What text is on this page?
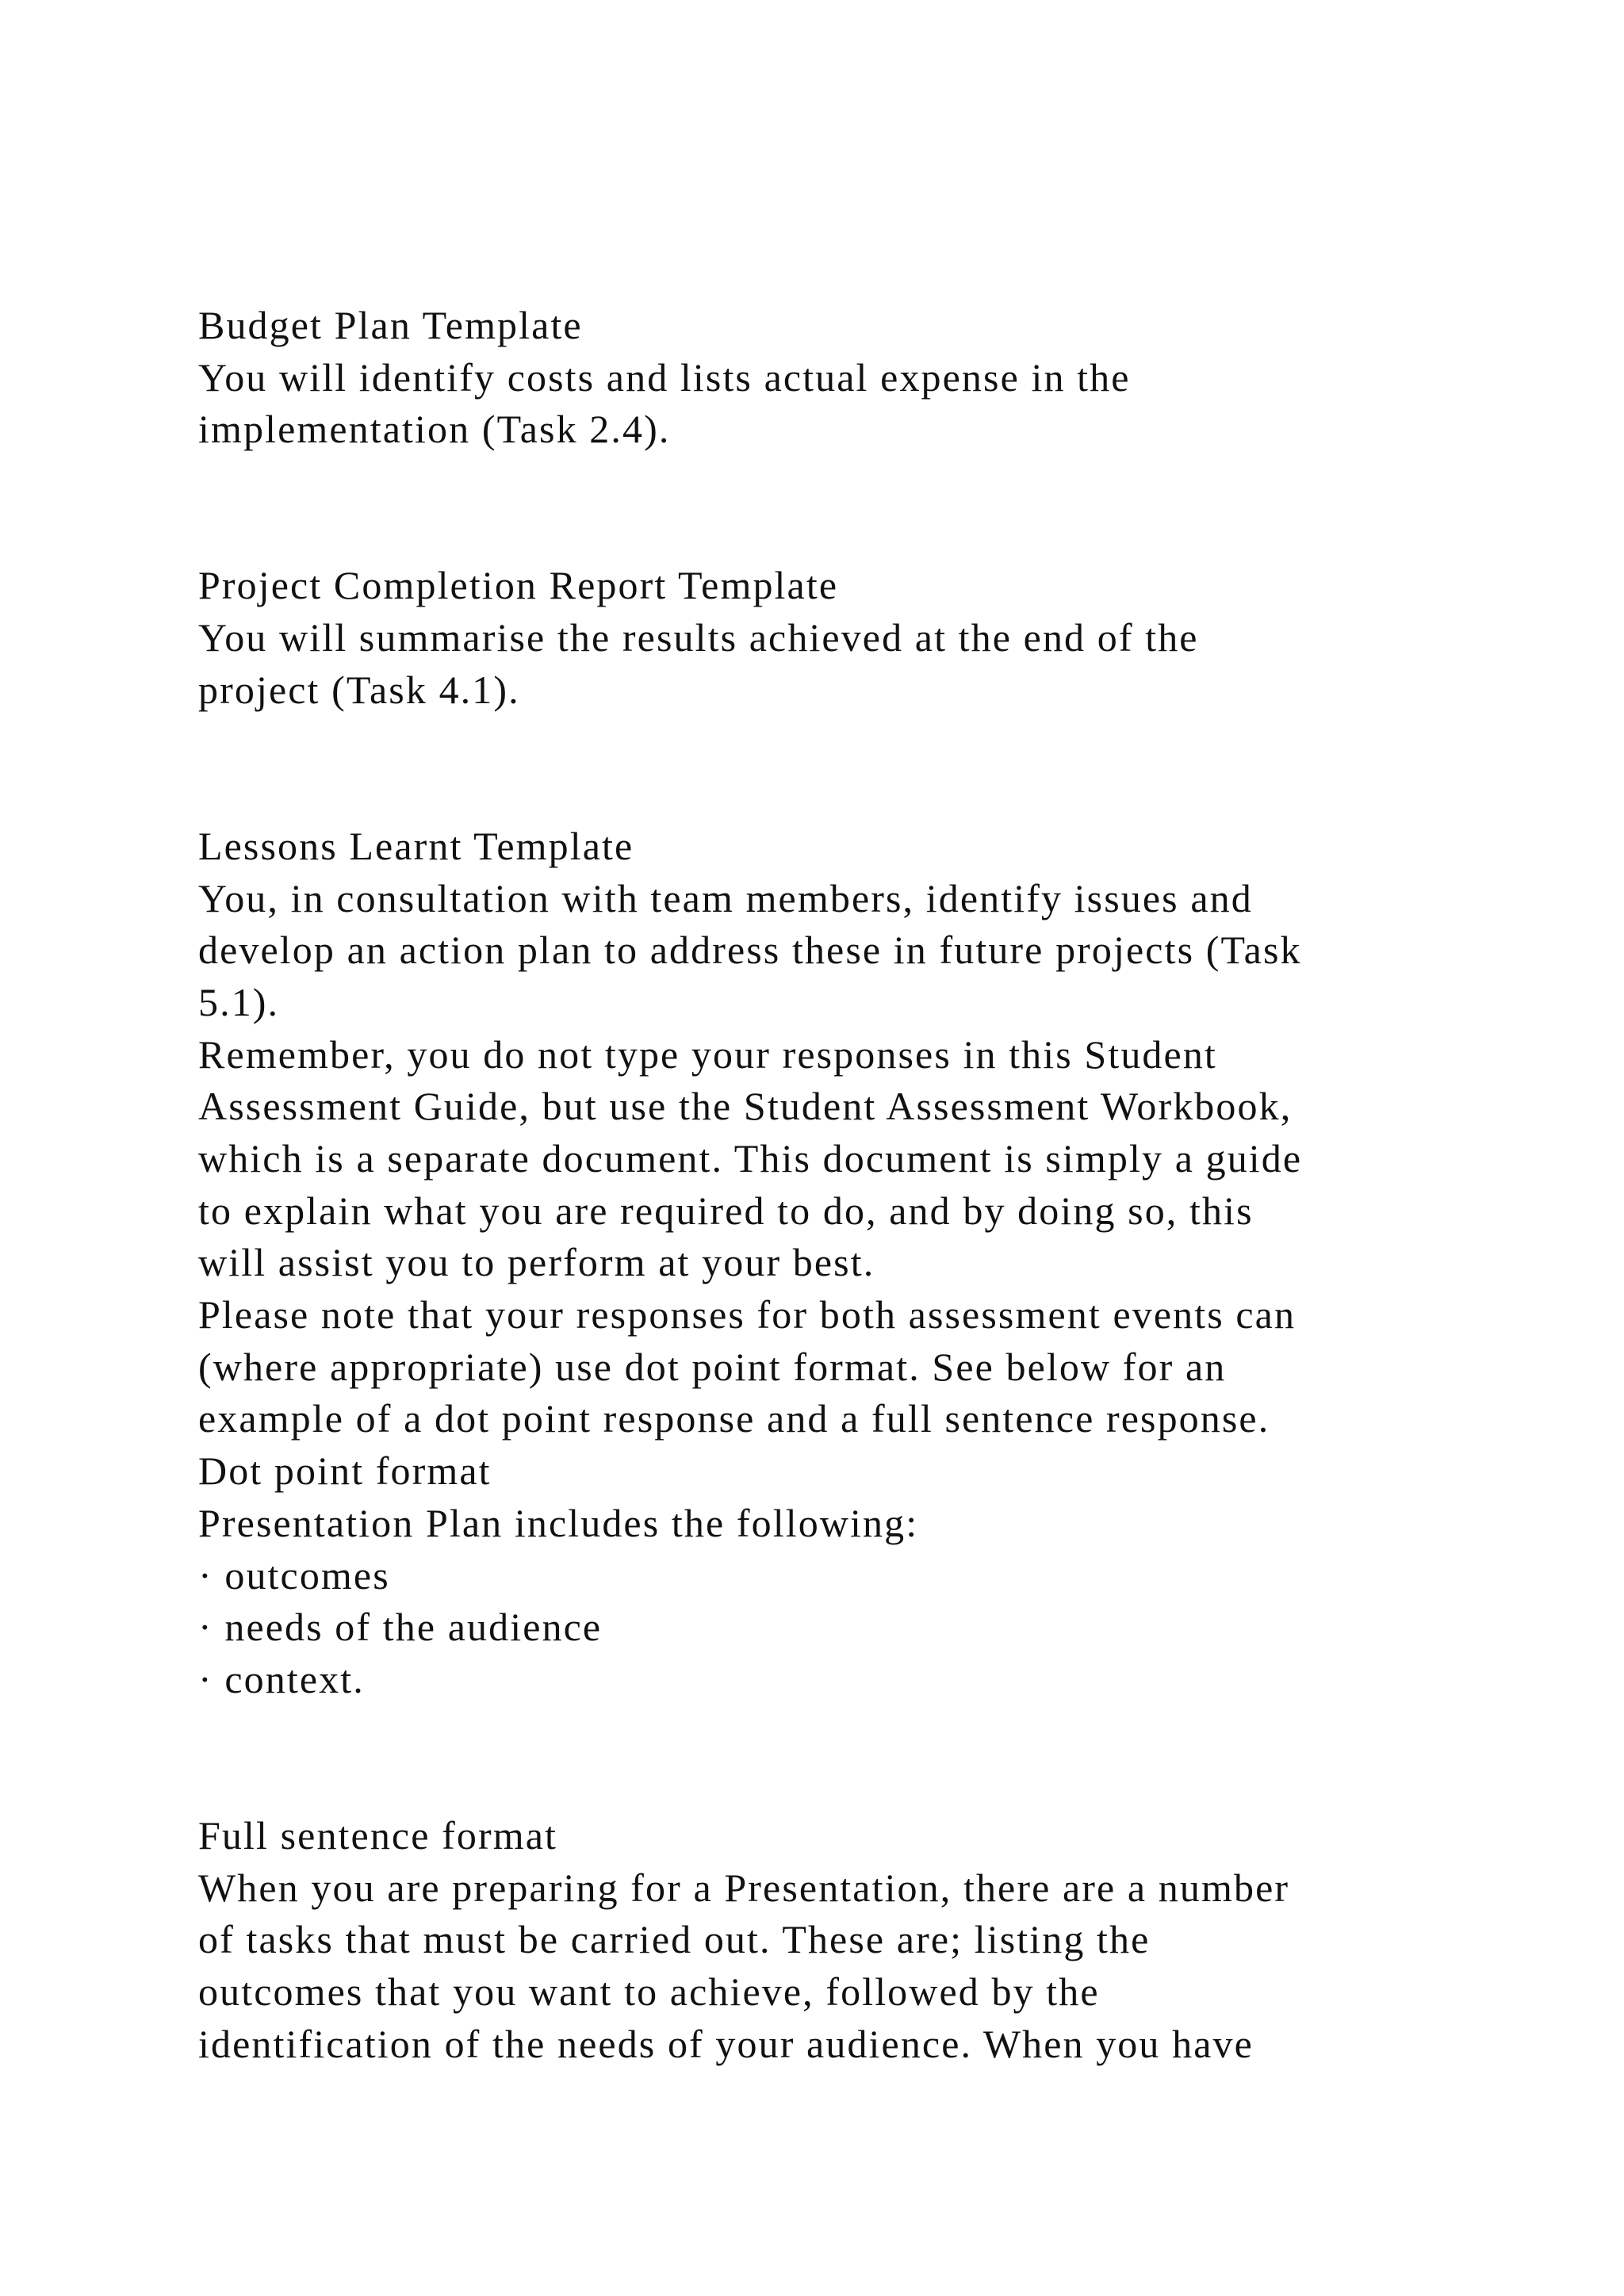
Budget Plan Template
You will identify costs and lists actual expense in the
implementation (Task 2.4).
Project Completion Report Template
You will summarise the results achieved at the end of the
project (Task 4.1).
Lessons Learnt Template
You, in consultation with team members, identify issues and
develop an action plan to address these in future projects (Task
5.1).
Remember, you do not type your responses in this Student
Assessment Guide, but use the Student Assessment Workbook,
which is a separate document. This document is simply a guide
to explain what you are required to do, and by doing so, this
will assist you to perform at your best.
Please note that your responses for both assessment events can
(where appropriate) use dot point format. See below for an
example of a dot point response and a full sentence response.
Dot point format
Presentation Plan includes the following:
· outcomes
· needs of the audience
· context.
Full sentence format
When you are preparing for a Presentation, there are a number
of tasks that must be carried out. These are; listing the
outcomes that you want to achieve, followed by the
identification of the needs of your audience. When you have
